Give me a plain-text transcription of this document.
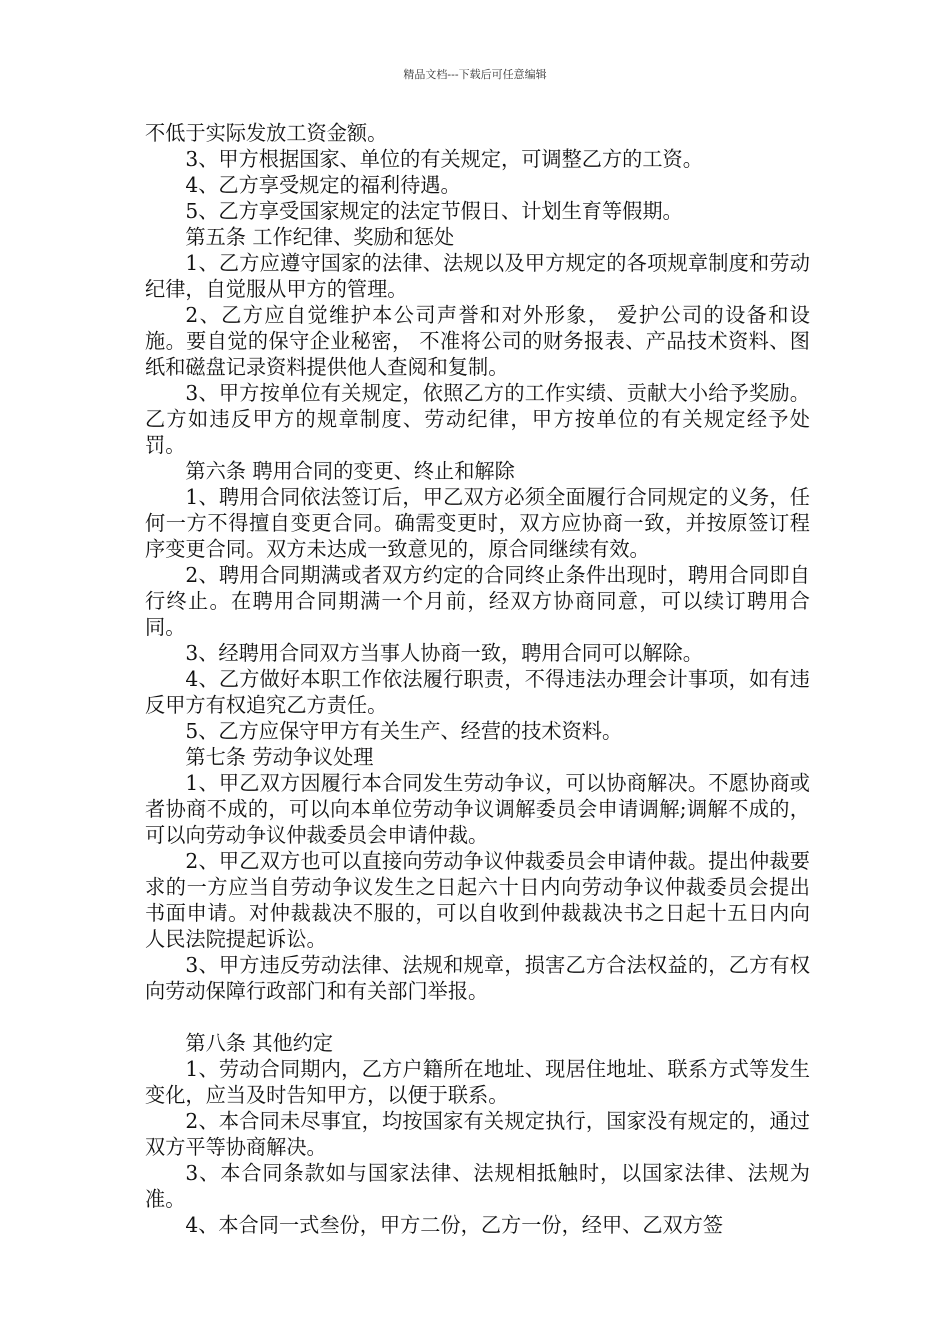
精品文档---下载后可任意编辑

不低于实际发放工资金额。

3、甲方根据国家、单位的有关规定，可调整乙方的工资。

4、乙方享受规定的福利待遇。

5、乙方享受国家规定的法定节假日、计划生育等假期。

第五条 工作纪律、奖励和惩处

1、乙方应遵守国家的法律、法规以及甲方规定的各项规章制度和劳动纪律，自觉服从甲方的管理。

2、乙方应自觉维护本公司声誉和对外形象， 爱护公司的设备和设施。要自觉的保守企业秘密， 不准将公司的财务报表、产品技术资料、图纸和磁盘记录资料提供他人查阅和复制。

3、甲方按单位有关规定，依照乙方的工作实绩、贡献大小给予奖励。 乙方如违反甲方的规章制度、劳动纪律，甲方按单位的有关规定经予处罚。

第六条 聘用合同的变更、终止和解除

1、聘用合同依法签订后，甲乙双方必须全面履行合同规定的义务，任何一方不得擅自变更合同。确需变更时，双方应协商一致，并按原签订程序变更合同。双方未达成一致意见的，原合同继续有效。

2、聘用合同期满或者双方约定的合同终止条件出现时，聘用合同即自行终止。在聘用合同期满一个月前，经双方协商同意，可以续订聘用合同。

3、经聘用合同双方当事人协商一致，聘用合同可以解除。

4、乙方做好本职工作依法履行职责，不得违法办理会计事项，如有违反甲方有权追究乙方责任。

5、乙方应保守甲方有关生产、经营的技术资料。

第七条 劳动争议处理

1、甲乙双方因履行本合同发生劳动争议，可以协商解决。不愿协商或者协商不成的，可以向本单位劳动争议调解委员会申请调解;调解不成的，可以向劳动争议仲裁委员会申请仲裁。

2、甲乙双方也可以直接向劳动争议仲裁委员会申请仲裁。提出仲裁要求的一方应当自劳动争议发生之日起六十日内向劳动争议仲裁委员会提出书面申请。对仲裁裁决不服的，可以自收到仲裁裁决书之日起十五日内向人民法院提起诉讼。

3、甲方违反劳动法律、法规和规章，损害乙方合法权益的，乙方有权向劳动保障行政部门和有关部门举报。

第八条 其他约定

1、劳动合同期内，乙方户籍所在地址、现居住地址、联系方式等发生变化，应当及时告知甲方，以便于联系。

2、本合同未尽事宜，均按国家有关规定执行，国家没有规定的，通过双方平等协商解决。

3、本合同条款如与国家法律、法规相抵触时，以国家法律、法规为准。

4、本合同一式叁份，甲方二份，乙方一份，经甲、乙双方签
